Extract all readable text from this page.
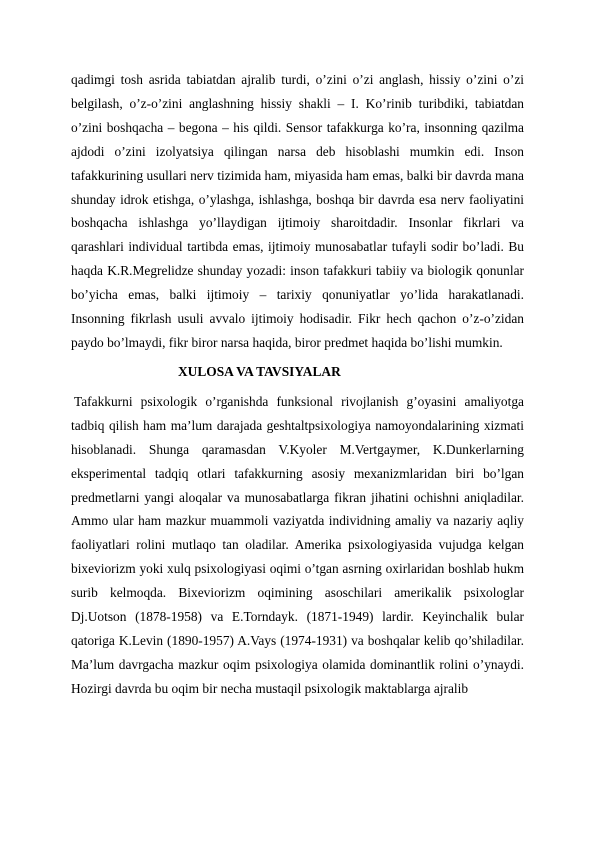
qadimgi tosh asrida tabiatdan ajralib turdi, o’zini o’zi anglash, hissiy o’zini o’zi belgilash, o’z-o’zini anglashning hissiy shakli – I. Ko’rinib turibdiki, tabiatdan o’zini boshqacha – begona – his qildi. Sensor tafakkurga ko’ra, insonning qazilma ajdodi o’zini izolyatsiya qilingan narsa deb hisoblashi mumkin edi. Inson tafakkurining usullari nerv tizimida ham, miyasida ham emas, balki bir davrda mana shunday idrok etishga, o’ylashga, ishlashga, boshqa bir davrda esa nerv faoliyatini boshqacha ishlashga yo’llaydigan ijtimoiy sharoitdadir. Insonlar fikrlari va qarashlari individual tartibda emas, ijtimoiy munosabatlar tufayli sodir bo’ladi. Bu haqda K.R.Megrelidze shunday yozadi: inson tafakkuri tabiiy va biologik qonunlar bo’yicha emas, balki ijtimoiy – tarixiy qonuniyatlar yo’lida harakatlanadi. Insonning fikrlash usuli avvalo ijtimoiy hodisadir. Fikr hech qachon o’z-o’zidan paydo bo’lmaydi, fikr biror narsa haqida, biror predmet haqida bo’lishi mumkin.

XULOSA VA TAVSIYALAR

Tafakkurni psixologik o’rganishda funksional rivojlanish g’oyasini amaliyotga tadbiq qilish ham ma’lum darajada geshtaltpsixologiya namoyondalarining xizmati hisoblanadi. Shunga qaramasdan V.Kyoler M.Vertgaymer, K.Dunkerlarning eksperimental tadqiq otlari tafakkurning asosiy mexanizmlaridan biri bo’lgan predmetlarni yangi aloqalar va munosabatlarga fikran jihatini ochishni aniqladilar. Ammo ular ham mazkur muammoli vaziyatda individning amaliy va nazariy aqliy faoliyatlari rolini mutlaqo tan oladilar. Amerika psixologiyasida vujudga kelgan bixeviorizm yoki xulq psixologiyasi oqimi o’tgan asrning oxirlaridan boshlab hukm surib kelmoqda. Bixeviorizm oqimining asoschilari amerikalik psixologlar Dj.Uotson (1878-1958) va E.Torndayk. (1871-1949) lardir. Keyinchalik bular qatoriga K.Levin (1890-1957) A.Vays (1974-1931) va boshqalar kelib qo’shiladilar. Ma’lum davrgacha mazkur oqim psixologiya olamida dominantlik rolini o’ynaydi. Hozirgi davrda bu oqim bir necha mustaqil psixologik maktablarga ajralib
